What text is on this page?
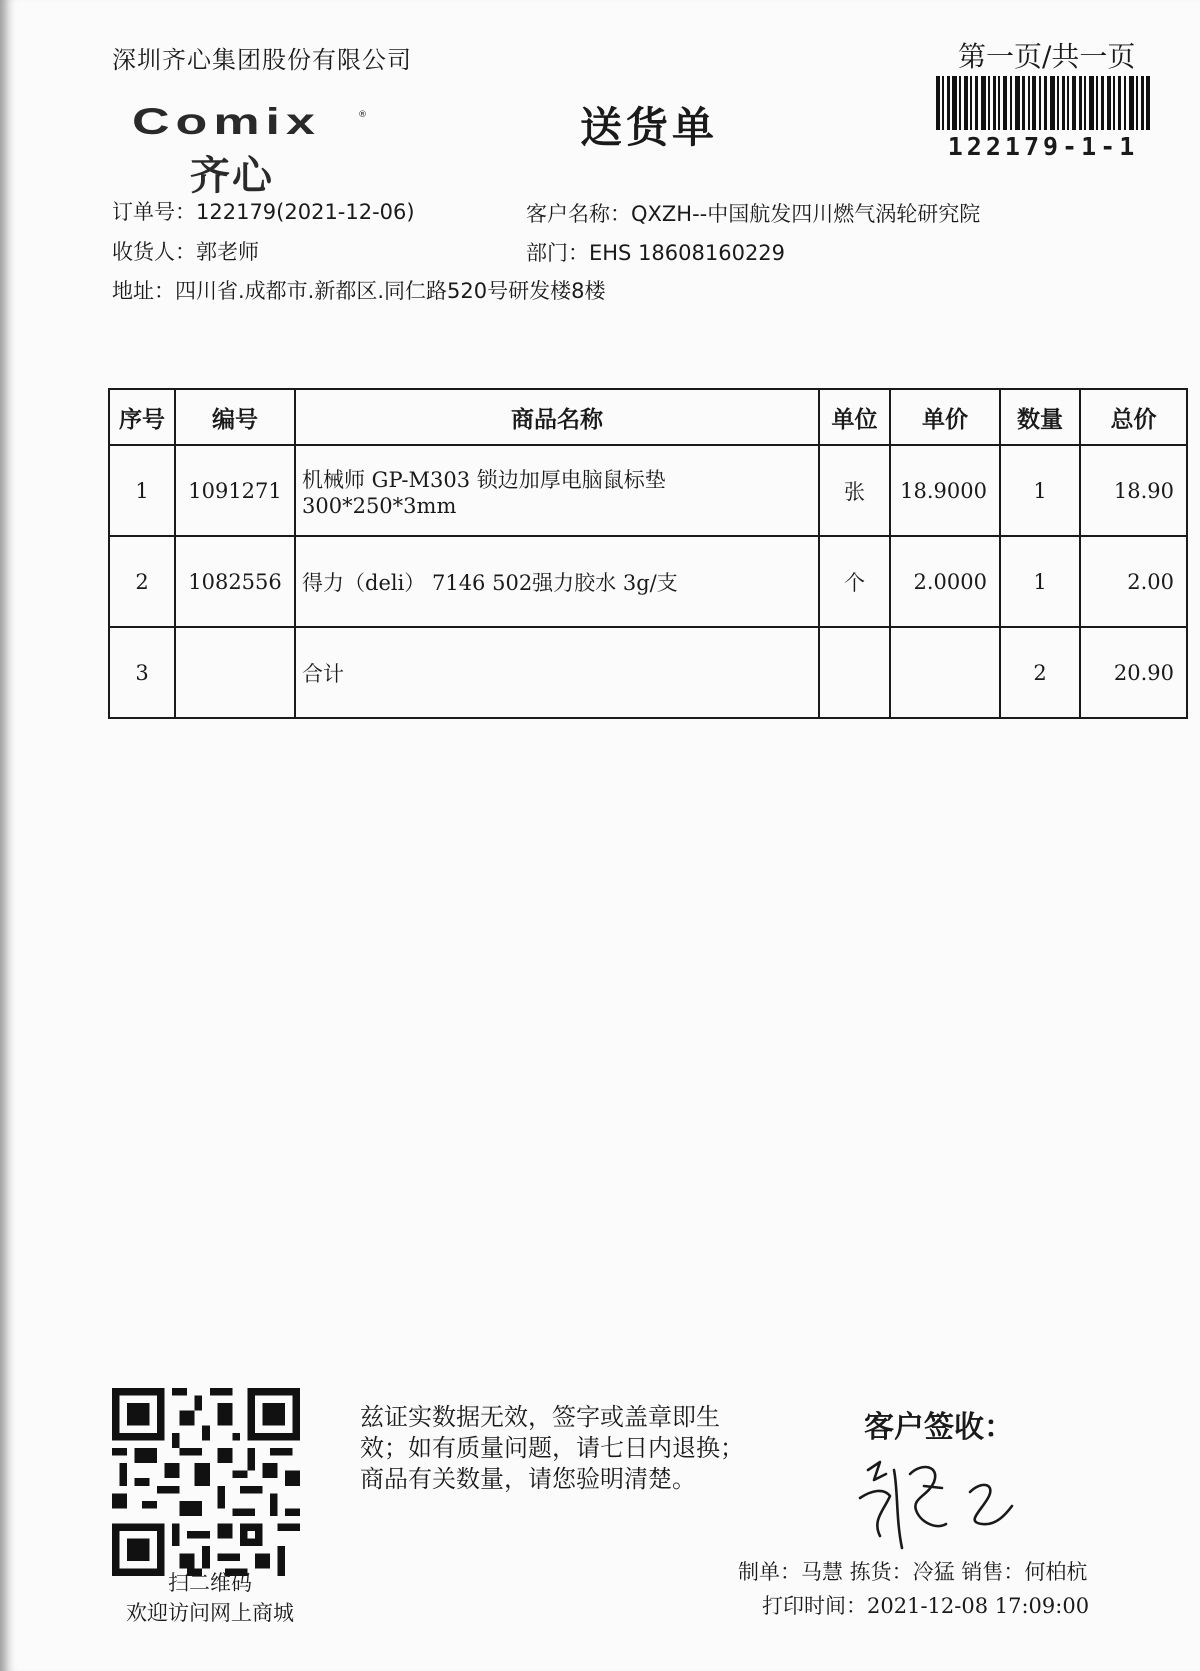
深圳齐心集团股份有限公司	第一页/共一页
122179-1-1
Comix	®
齐心
送货单
订单号：122179(2021-12-06)	客户名称：QXZH--中国航发四川燃气涡轮研究院
收货人：郭老师	部门：EHS 18608160229
地址：四川省.成都市.新都区.同仁路520号研发楼8楼
序号	编号	商品名称	单位	单价	数量	总价
1	1091271	机械师 GP-M303 锁边加厚电脑鼠标垫300*250*3mm	张	18.9000	1	18.90
2	1082556	得力（deli） 7146 502强力胶水 3g/支	个	2.0000	1	2.00
3		合计			2	20.90
扫二维码
欢迎访问网上商城
兹证实数据无效，签字或盖章即生
效；如有质量问题，请七日内退换；
商品有关数量，请您验明清楚。
客户签收：
制单：马慧 拣货：冷猛 销售：何柏杭
打印时间：2021-12-08 17:09:00
